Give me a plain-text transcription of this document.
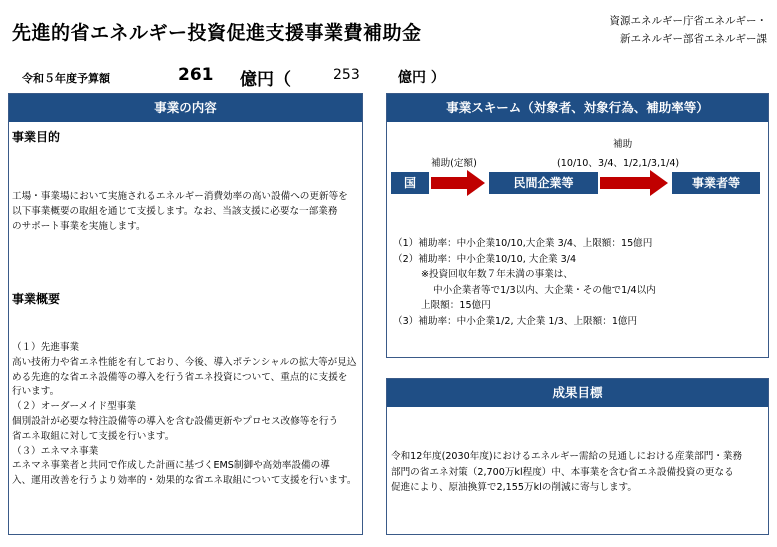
先進的省エネルギー投資促進支援事業費補助金
資源エネルギー庁省エネルギー・
新エネルギー部省エネルギー課
令和５年度予算額	261 億円（	253	億円 ）
事業の内容
事業目的
工場・事業場において実施されるエネルギー消費効率の高い設備への更新等を
以下事業概要の取組を通じて支援します。なお、当該支援に必要な一部業務
のサポート事業を実施します。
事業概要
（１）先進事業
高い技術力や省エネ性能を有しており、今後、導入ポテンシャルの拡大等が見込
める先進的な省エネ設備等の導入を行う省エネ投資について、重点的に支援を
行います。
（２）オーダーメイド型事業
個別設計が必要な特注設備等の導入を含む設備更新やプロセス改修等を行う
省エネ取組に対して支援を行います。
（３）エネマネ事業
エネマネ事業者と共同で作成した計画に基づくEMS制御や高効率設備の導
入、運用改善を行うより効率的・効果的な省エネ取組について支援を行います。
事業スキーム（対象者、対象行為、補助率等）
補助
補助(定額)	(10/10、3/4、1/2,1/3,1/4)
国	民間企業等	事業者等
（1）補助率：中小企業10/10,大企業 3/4、上限額：15億円
（2）補助率：中小企業10/10, 大企業 3/4
※投資回収年数７年未満の事業は、
中小企業者等で1/3以内、大企業・その他で1/4以内
上限額：15億円
（3）補助率：中小企業1/2, 大企業 1/3、上限額：1億円
成果目標
令和12年度(2030年度)におけるエネルギー需給の見通しにおける産業部門・業務
部門の省エネ対策（2,700万kl程度）中、本事業を含む省エネ設備投資の更なる
促進により、原油換算で2,155万klの削減に寄与します。
